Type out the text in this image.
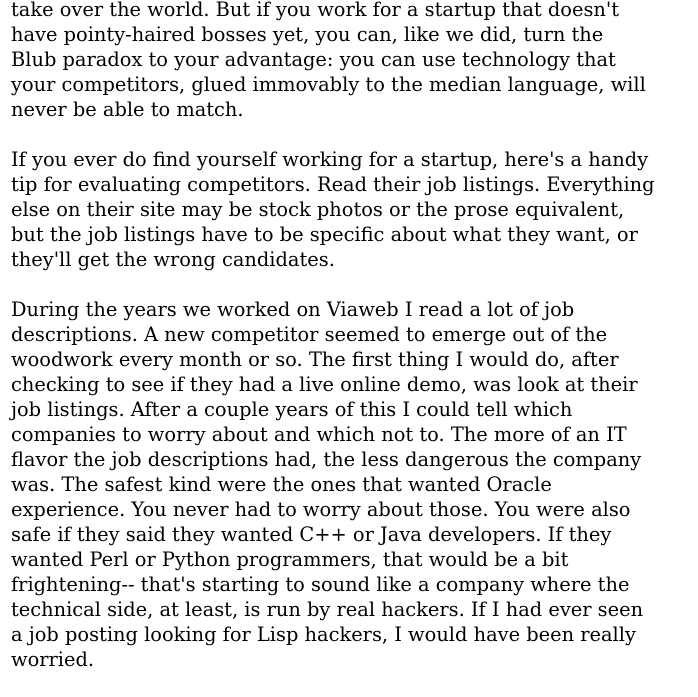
take over the world. But if you work for a startup that doesn't
have pointy-haired bosses yet, you can, like we did, turn the
Blub paradox to your advantage: you can use technology that
your competitors, glued immovably to the median language, will
never be able to match.

If you ever do find yourself working for a startup, here's a handy
tip for evaluating competitors. Read their job listings. Everything
else on their site may be stock photos or the prose equivalent,
but the job listings have to be specific about what they want, or
they'll get the wrong candidates.

During the years we worked on Viaweb I read a lot of job
descriptions. A new competitor seemed to emerge out of the
woodwork every month or so. The first thing I would do, after
checking to see if they had a live online demo, was look at their
job listings. After a couple years of this I could tell which
companies to worry about and which not to. The more of an IT
flavor the job descriptions had, the less dangerous the company
was. The safest kind were the ones that wanted Oracle
experience. You never had to worry about those. You were also
safe if they said they wanted C++ or Java developers. If they
wanted Perl or Python programmers, that would be a bit
frightening-- that's starting to sound like a company where the
technical side, at least, is run by real hackers. If I had ever seen
a job posting looking for Lisp hackers, I would have been really
worried.
